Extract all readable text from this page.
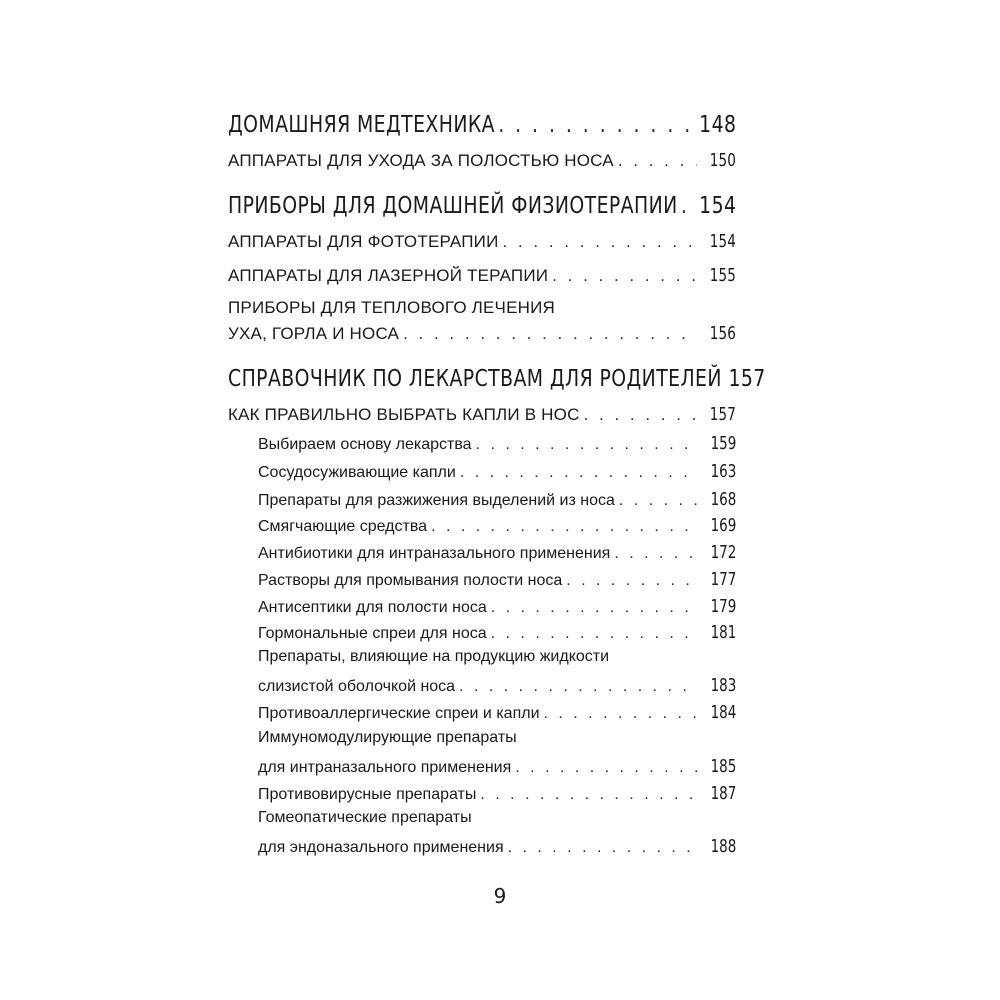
ДОМАШНЯЯ МЕДТЕХНИКА . . .	148
АППАРАТЫ ДЛЯ УХОДА ЗА ПОЛОСТЬЮ НОСА . . .	150
ПРИБОРЫ ДЛЯ ДОМАШНЕЙ ФИЗИОТЕРАПИИ . . . 154
АППАРАТЫ ДЛЯ ФОТОТЕРАПИИ . . .	154
АППАРАТЫ ДЛЯ ЛАЗЕРНОЙ ТЕРАПИИ . . .	155
ПРИБОРЫ ДЛЯ ТЕПЛОВОГО ЛЕЧЕНИЯ
УХА, ГОРЛА И НОСА . . .	156
СПРАВОЧНИК ПО ЛЕКАРСТВАМ ДЛЯ РОДИТЕЛЕЙ 157
КАК ПРАВИЛЬНО ВЫБРАТЬ КАПЛИ В НОС . . .	157
Выбираем основу лекарства . . .	159
Сосудосуживающие капли . . .	163
Препараты для разжижения выделений из носа . . .	168
Смягчающие средства . . .	169
Антибиотики для интраназального применения . . .	172
Растворы для промывания полости носа . . .	177
Антисептики для полости носа . . .	179
Гормональные спреи для носа . . .	181
Препараты, влияющие на продукцию жидкости
слизистой оболочкой носа . . .	183
Противоаллергические спреи и капли . . .	184
Иммуномодулирующие препараты
для интраназального применения . . .	185
Противовирусные препараты . . .	187
Гомеопатические препараты
для эндоназального применения . . .	188
9
